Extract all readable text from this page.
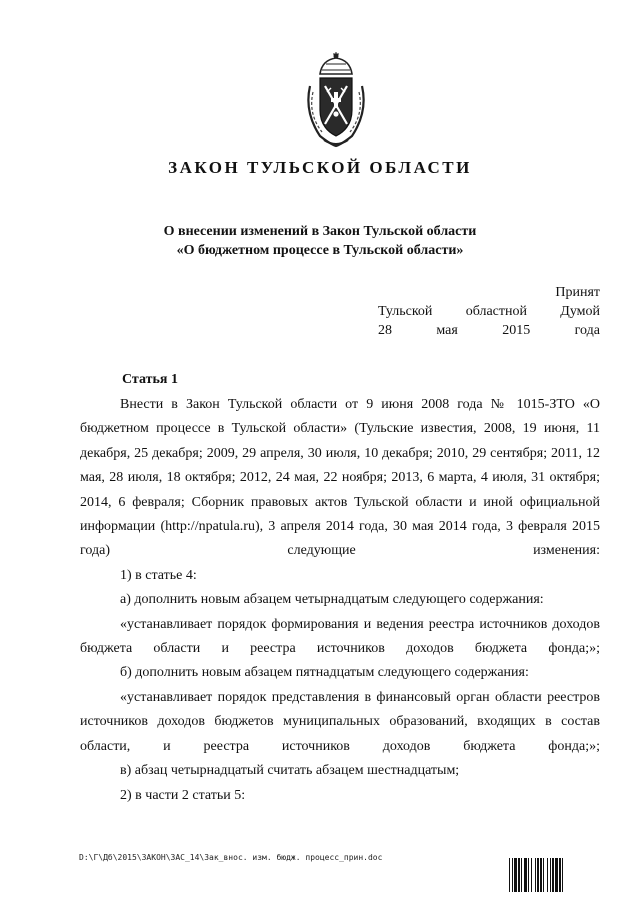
ЗАКОН ТУЛЬСКОЙ ОБЛАСТИ
О внесении изменений в Закон Тульской области
«О бюджетном процессе в Тульской области»
Принят
Тульской областной Думой
28	мая	2015	года
Статья 1
Внести в Закон Тульской области от 9 июня 2008 года № 1015-ЗТО «О бюджетном процессе в Тульской области» (Тульские известия, 2008, 19 июня, 11 декабря, 25 декабря; 2009, 29 апреля, 30 июля, 10 декабря; 2010, 29 сентября; 2011, 12 мая, 28 июля, 18 октября; 2012, 24 мая, 22 ноября; 2013, 6 марта, 4 июля, 31 октября; 2014, 6 февраля; Сборник правовых актов Тульской области и иной официальной информации (http://npatula.ru), 3 апреля 2014 года, 30 мая 2014 года, 3 февраля 2015 года) следующие изменения:
1) в статье 4:
а) дополнить новым абзацем четырнадцатым следующего содержания:
«устанавливает порядок формирования и ведения реестра источников доходов бюджета области и реестра источников доходов бюджета фонда;»;
б) дополнить новым абзацем пятнадцатым следующего содержания:
«устанавливает порядок представления в финансовый орган области реестров источников доходов бюджетов муниципальных образований, входящих в состав области, и реестра источников доходов бюджета фонда;»;
в) абзац четырнадцатый считать абзацем шестнадцатым;
2) в части 2 статьи 5:
D:\Г\Дб\2015\ЗАКОН\ЗАС_14\Зак_внос. изм. бюдж. процесс_прин.doc
